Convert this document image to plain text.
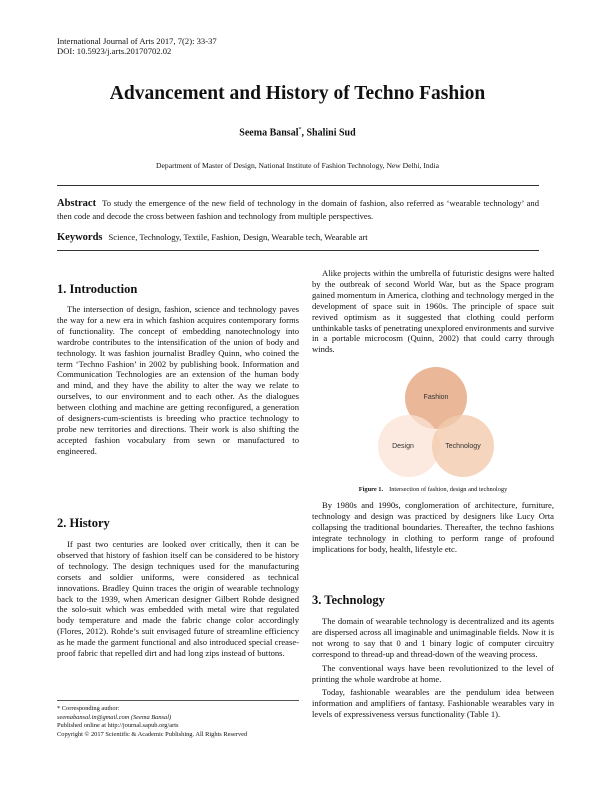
International Journal of Arts 2017, 7(2): 33-37
DOI: 10.5923/j.arts.20170702.02
Advancement and History of Techno Fashion
Seema Bansal*, Shalini Sud
Department of Master of Design, National Institute of Fashion Technology, New Delhi, India
Abstract To study the emergence of the new field of technology in the domain of fashion, also referred as ‘wearable technology’ and then code and decode the cross between fashion and technology from multiple perspectives.
Keywords Science, Technology, Textile, Fashion, Design, Wearable tech, Wearable art
1. Introduction

The intersection of design, fashion, science and technology paves the way for a new era in which fashion acquires contemporary forms of functionality. The concept of embedding nanotechnology into wardrobe contributes to the intensification of the union of body and technology. It was fashion journalist Bradley Quinn, who coined the term ‘Techno Fashion’ in 2002 by publishing book. Information and Communication Technologies are an extension of the human body and mind, and they have the ability to alter the way we relate to ourselves, to our environment and to each other. As the dialogues between clothing and machine are getting reconfigured, a generation of designers-cum-scientists is breeding who practice technology to probe new territories and directions. Their work is also shifting the accepted fashion vocabulary from sewn or manufactured to engineered.

2. History

If past two centuries are looked over critically, then it can be observed that history of fashion itself can be considered to be history of technology. The design techniques used for the manufacturing corsets and soldier uniforms, were considered as technical innovations. Bradley Quinn traces the origin of wearable technology back to the 1939, when American designer Gilbert Rohde designed the solo-suit which was embedded with metal wire that regulated body temperature and made the fabric change color accordingly (Flores, 2012). Rohde’s suit envisaged future of streamline efficiency as he made the garment functional and also introduced special crease-proof fabric that repelled dirt and had long zips instead of buttons.

* Corresponding author:
seemabansal.in@gmail.com (Seema Bansal)
Published online at http://journal.sapub.org/arts
Copyright © 2017 Scientific & Academic Publishing. All Rights Reserved

Alike projects within the umbrella of futuristic designs were halted by the outbreak of second World War, but as the Space program gained momentum in America, clothing and technology merged in the development of space suit in 1960s. The principle of space suit revived optimism as it suggested that clothing could perform unthinkable tasks of penetrating unexplored environments and survive in a portable microcosm (Quinn, 2002) that could carry through winds.

Fashion
Design	Technology
Figure 1. Intersection of fashion, design and technology

By 1980s and 1990s, conglomeration of architecture, furniture, technology and design was practiced by designers like Lucy Orta collapsing the traditional boundaries. Thereafter, the techno fashions integrate technology in clothing to perform range of profound implications for body, health, lifestyle etc.

3. Technology

The domain of wearable technology is decentralized and its agents are dispersed across all imaginable and unimaginable fields. Now it is not wrong to say that 0 and 1 binary logic of computer circuitry correspond to thread-up and thread-down of the weaving process.

The conventional ways have been revolutionized to the level of printing the whole wardrobe at home.

Today, fashionable wearables are the pendulum idea between information and amplifiers of fantasy. Fashionable wearables vary in levels of expressiveness versus functionality (Table 1).
